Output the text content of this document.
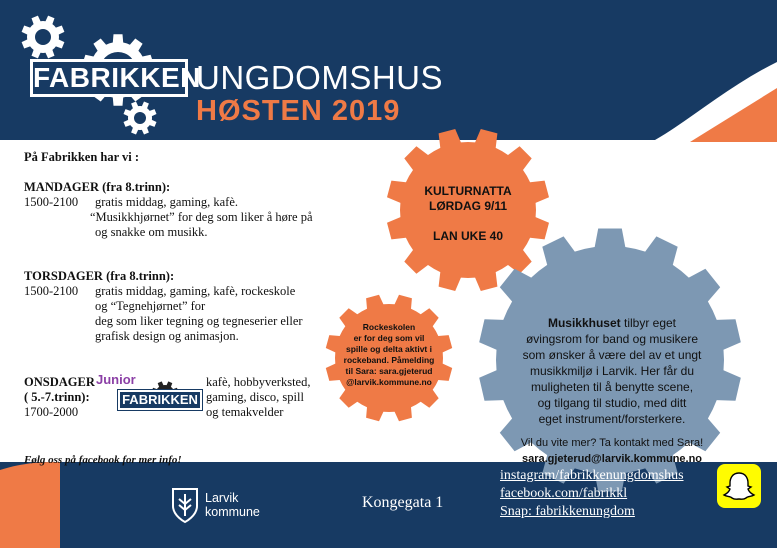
FABRIKKEN
UNGDOMSHUS
HØSTEN 2019
På Fabrikken har vi :
MANDAGER (fra 8.trinn):
1500-2100 gratis middag, gaming, kafè.
“Musikkhjørnet” for deg som liker å høre på
og snakke om musikk.
TORSDAGER (fra 8.trinn):
1500-2100 gratis middag, gaming, kafè, rockeskole
og “Tegnehjørnet” for
deg som liker tegning og tegneserier eller
grafisk design og animasjon.
ONSDAGER
( 5.-7.trinn):
1700-2000
kafè, hobbyverksted,
gaming, disco, spill
og temakvelder
Junior
FABRIKKEN
Følg oss på facebook for mer info!
KULTURNATTA
LØRDAG 9/11
LAN UKE 40
Rockeskolen
er for deg som vil
spille og delta aktivt i
rockeband. Påmelding
til Sara: sara.gjeterud
@larvik.kommune.no
Musikkhuset tilbyr eget
øvingsrom for band og musikere
som ønsker å være del av et ungt
musikkmiljø i Larvik. Her får du
muligheten til å benytte scene,
og tilgang til studio, med ditt
eget instrument/forsterkere.
Vil du vite mer? Ta kontakt med Sara!
sara.gjeterud@larvik.kommune.no
Larvik
kommune
Kongegata 1
instagram/fabrikkenungdomshus
facebook.com/fabrikkl
Snap: fabrikkenungdom
